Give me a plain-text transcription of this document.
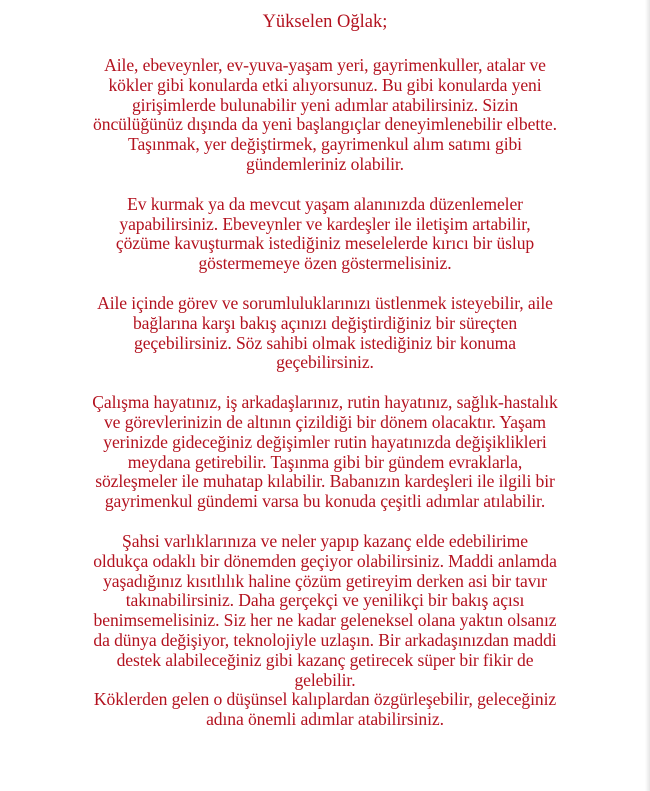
Yükselen Oğlak;

Aile, ebeveynler, ev-yuva-yaşam yeri, gayrimenkuller, atalar ve
kökler gibi konularda etki alıyorsunuz. Bu gibi konularda yeni
girişimlerde bulunabilir yeni adımlar atabilirsiniz. Sizin
öncülüğünüz dışında da yeni başlangıçlar deneyimlenebilir elbette.
Taşınmak, yer değiştirmek, gayrimenkul alım satımı gibi
gündemleriniz olabilir.

Ev kurmak ya da mevcut yaşam alanınızda düzenlemeler
yapabilirsiniz. Ebeveynler ve kardeşler ile iletişim artabilir,
çözüme kavuşturmak istediğiniz meselelerde kırıcı bir üslup
göstermemeye özen göstermelisiniz.

Aile içinde görev ve sorumluluklarınızı üstlenmek isteyebilir, aile
bağlarına karşı bakış açınızı değiştirdiğiniz bir süreçten
geçebilirsiniz. Söz sahibi olmak istediğiniz bir konuma
geçebilirsiniz.

Çalışma hayatınız, iş arkadaşlarınız, rutin hayatınız, sağlık-hastalık
ve görevlerinizin de altının çizildiği bir dönem olacaktır. Yaşam
yerinizde gideceğiniz değişimler rutin hayatınızda değişiklikleri
meydana getirebilir. Taşınma gibi bir gündem evraklarla,
sözleşmeler ile muhatap kılabilir. Babanızın kardeşleri ile ilgili bir
gayrimenkul gündemi varsa bu konuda çeşitli adımlar atılabilir.

Şahsi varlıklarınıza ve neler yapıp kazanç elde edebilirime
oldukça odaklı bir dönemden geçiyor olabilirsiniz. Maddi anlamda
yaşadığınız kısıtlılık haline çözüm getireyim derken asi bir tavır
takınabilirsiniz. Daha gerçekçi ve yenilikçi bir bakış açısı
benimsemelisiniz. Siz her ne kadar geleneksel olana yaktın olsanız
da dünya değişiyor, teknolojiyle uzlaşın. Bir arkadaşınızdan maddi
destek alabileceğiniz gibi kazanç getirecek süper bir fikir de
gelebilir.
Köklerden gelen o düşünsel kalıplardan özgürleşebilir, geleceğiniz
adına önemli adımlar atabilirsiniz.
